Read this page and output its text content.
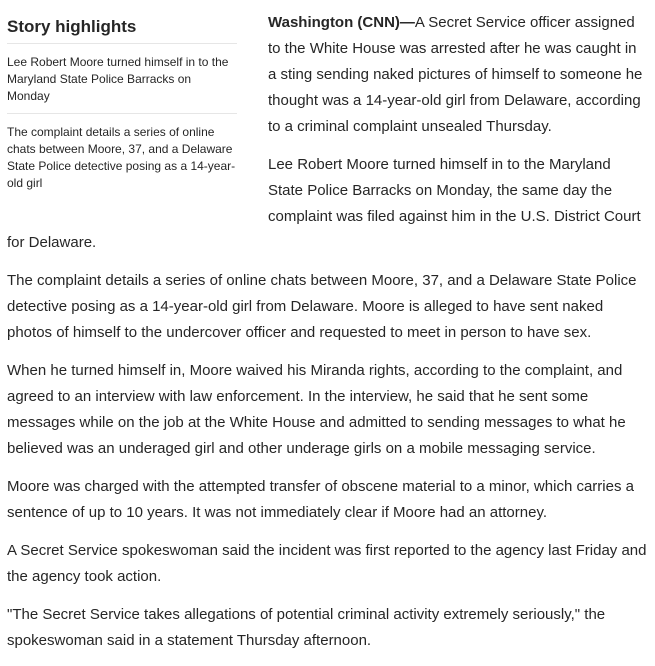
Story highlights

Lee Robert Moore turned himself in to the Maryland State Police Barracks on Monday

The complaint details a series of online chats between Moore, 37, and a Delaware State Police detective posing as a 14-year-old girl

Washington (CNN)—A Secret Service officer assigned to the White House was arrested after he was caught in a sting sending naked pictures of himself to someone he thought was a 14-year-old girl from Delaware, according to a criminal complaint unsealed Thursday.

Lee Robert Moore turned himself in to the Maryland State Police Barracks on Monday, the same day the complaint was filed against him in the U.S. District Court for Delaware.

The complaint details a series of online chats between Moore, 37, and a Delaware State Police detective posing as a 14-year-old girl from Delaware. Moore is alleged to have sent naked photos of himself to the undercover officer and requested to meet in person to have sex.

When he turned himself in, Moore waived his Miranda rights, according to the complaint, and agreed to an interview with law enforcement. In the interview, he said that he sent some messages while on the job at the White House and admitted to sending messages to what he believed was an underaged girl and other underage girls on a mobile messaging service.

Moore was charged with the attempted transfer of obscene material to a minor, which carries a sentence of up to 10 years. It was not immediately clear if Moore had an attorney.

A Secret Service spokeswoman said the incident was first reported to the agency last Friday and the agency took action.

"The Secret Service takes allegations of potential criminal activity extremely seriously," the spokeswoman said in a statement Thursday afternoon.
